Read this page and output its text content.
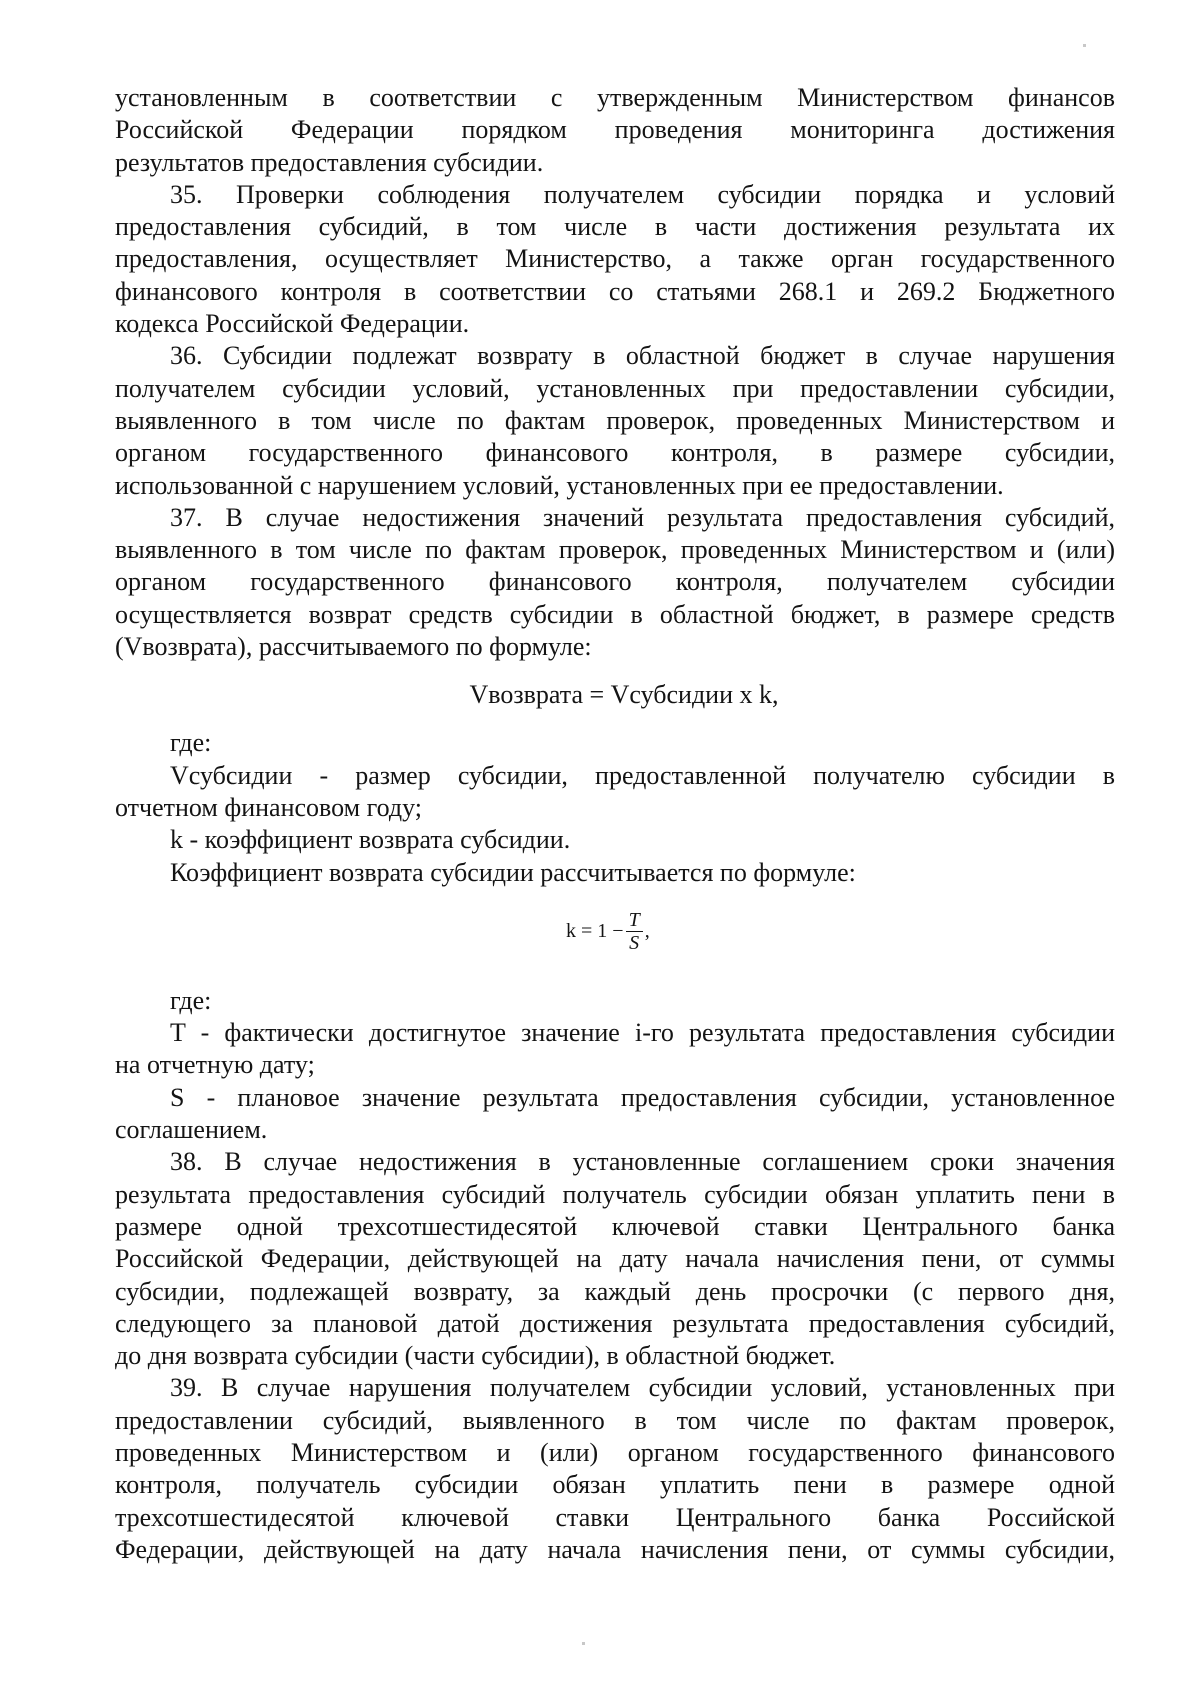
установленным в соответствии с утвержденным Министерством финансов
Российской Федерации порядком проведения мониторинга достижения
результатов предоставления субсидии.
35. Проверки соблюдения получателем субсидии порядка и условий
предоставления субсидий, в том числе в части достижения результата их
предоставления, осуществляет Министерство, а также орган государственного
финансового контроля в соответствии со статьями 268.1 и 269.2 Бюджетного
кодекса Российской Федерации.
36. Субсидии подлежат возврату в областной бюджет в случае нарушения
получателем субсидии условий, установленных при предоставлении субсидии,
выявленного в том числе по фактам проверок, проведенных Министерством и
органом государственного финансового контроля, в размере субсидии,
использованной с нарушением условий, установленных при ее предоставлении.
37. В случае недостижения значений результата предоставления субсидий,
выявленного в том числе по фактам проверок, проведенных Министерством и (или)
органом государственного финансового контроля, получателем субсидии
осуществляется возврат средств субсидии в областной бюджет, в размере средств
(Vвозврата), рассчитываемого по формуле:
Vвозврата = Vсубсидии x k,
где:
Vсубсидии - размер субсидии, предоставленной получателю субсидии в
отчетном финансовом году;
k - коэффициент возврата субсидии.
Коэффициент возврата субсидии рассчитывается по формуле:
$k = 1 - \frac{T}{S}$ ,
где:
T - фактически достигнутое значение i-го результата предоставления субсидии
на отчетную дату;
S - плановое значение результата предоставления субсидии, установленное
соглашением.
38. В случае недостижения в установленные соглашением сроки значения
результата предоставления субсидий получатель субсидии обязан уплатить пени в
размере одной трехсотшестидесятой ключевой ставки Центрального банка
Российской Федерации, действующей на дату начала начисления пени, от суммы
субсидии, подлежащей возврату, за каждый день просрочки (с первого дня,
следующего за плановой датой достижения результата предоставления субсидий,
до дня возврата субсидии (части субсидии), в областной бюджет.
39. В случае нарушения получателем субсидии условий, установленных при
предоставлении субсидий, выявленного в том числе по фактам проверок,
проведенных Министерством и (или) органом государственного финансового
контроля, получатель субсидии обязан уплатить пени в размере одной
трехсотшестидесятой ключевой ставки Центрального банка Российской
Федерации, действующей на дату начала начисления пени, от суммы субсидии,
